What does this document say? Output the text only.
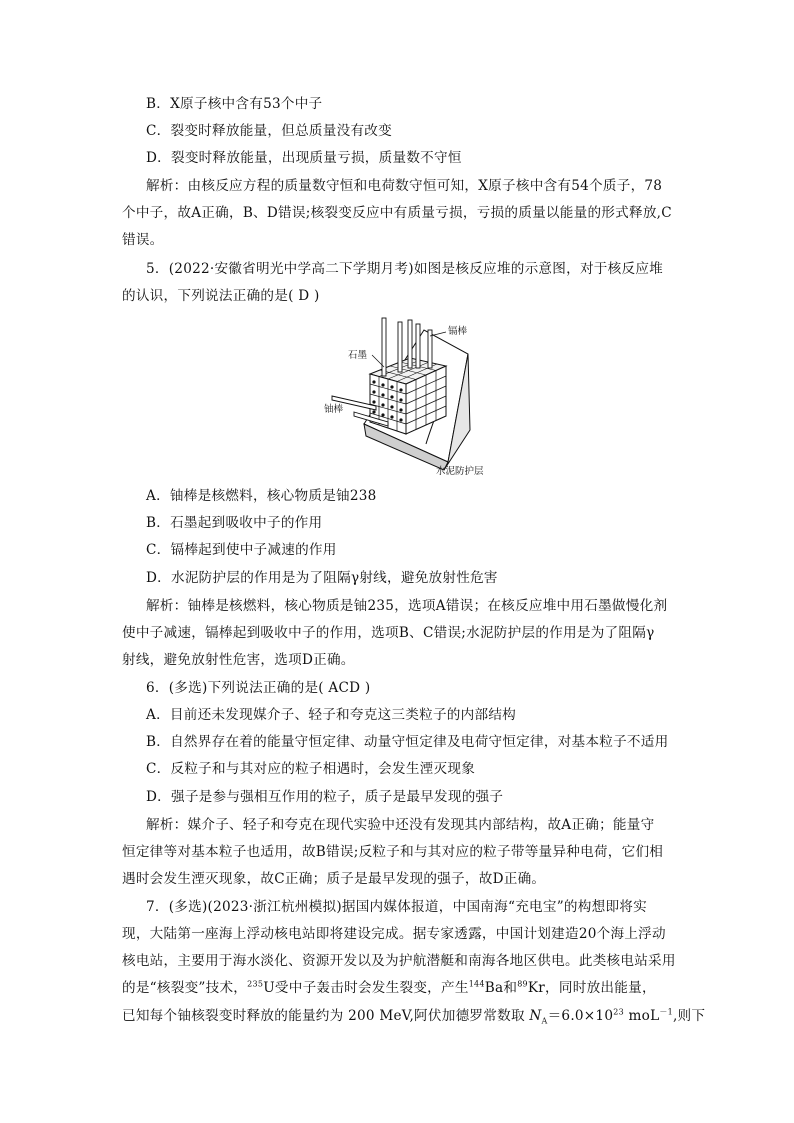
B．X原子核中含有53个中子
C．裂变时释放能量，但总质量没有改变
D．裂变时释放能量，出现质量亏损，质量数不守恒
解析：由核反应方程的质量数守恒和电荷数守恒可知，X原子核中含有54个质子，78
个中子，故A正确，B、D错误;核裂变反应中有质量亏损，亏损的质量以能量的形式释放,C
错误。
5．(2022·安徽省明光中学高二下学期月考)如图是核反应堆的示意图，对于核反应堆
的认识，下列说法正确的是( D )
镉棒
石墨
铀棒
水泥防护层
A．铀棒是核燃料，核心物质是铀238
B．石墨起到吸收中子的作用
C．镉棒起到使中子减速的作用
D．水泥防护层的作用是为了阻隔γ射线，避免放射性危害
解析：铀棒是核燃料，核心物质是铀235，选项A错误；在核反应堆中用石墨做慢化剂
使中子减速，镉棒起到吸收中子的作用，选项B、C错误;水泥防护层的作用是为了阻隔γ
射线，避免放射性危害，选项D正确。
6．(多选)下列说法正确的是( ACD )
A．目前还未发现媒介子、轻子和夸克这三类粒子的内部结构
B．自然界存在着的能量守恒定律、动量守恒定律及电荷守恒定律，对基本粒子不适用
C．反粒子和与其对应的粒子相遇时，会发生湮灭现象
D．强子是参与强相互作用的粒子，质子是最早发现的强子
解析：媒介子、轻子和夸克在现代实验中还没有发现其内部结构，故A正确；能量守
恒定律等对基本粒子也适用，故B错误;反粒子和与其对应的粒子带等量异种电荷，它们相
遇时会发生湮灭现象，故C正确；质子是最早发现的强子，故D正确。
7．(多选)(2023·浙江杭州模拟)据国内媒体报道，中国南海“充电宝”的构想即将实
现，大陆第一座海上浮动核电站即将建设完成。据专家透露，中国计划建造20个海上浮动
核电站，主要用于海水淡化、资源开发以及为护航潜艇和南海各地区供电。此类核电站采用
的是“核裂变”技术，$^{235}$U受中子轰击时会发生裂变，产生$^{144}$Ba和$^{89}$Kr，同时放出能量，
已知每个铀核裂变时释放的能量约为 200 MeV,阿伏加德罗常数取 $N_A=6.0\times 10^{23}$ moL$^{-1}$,则下
